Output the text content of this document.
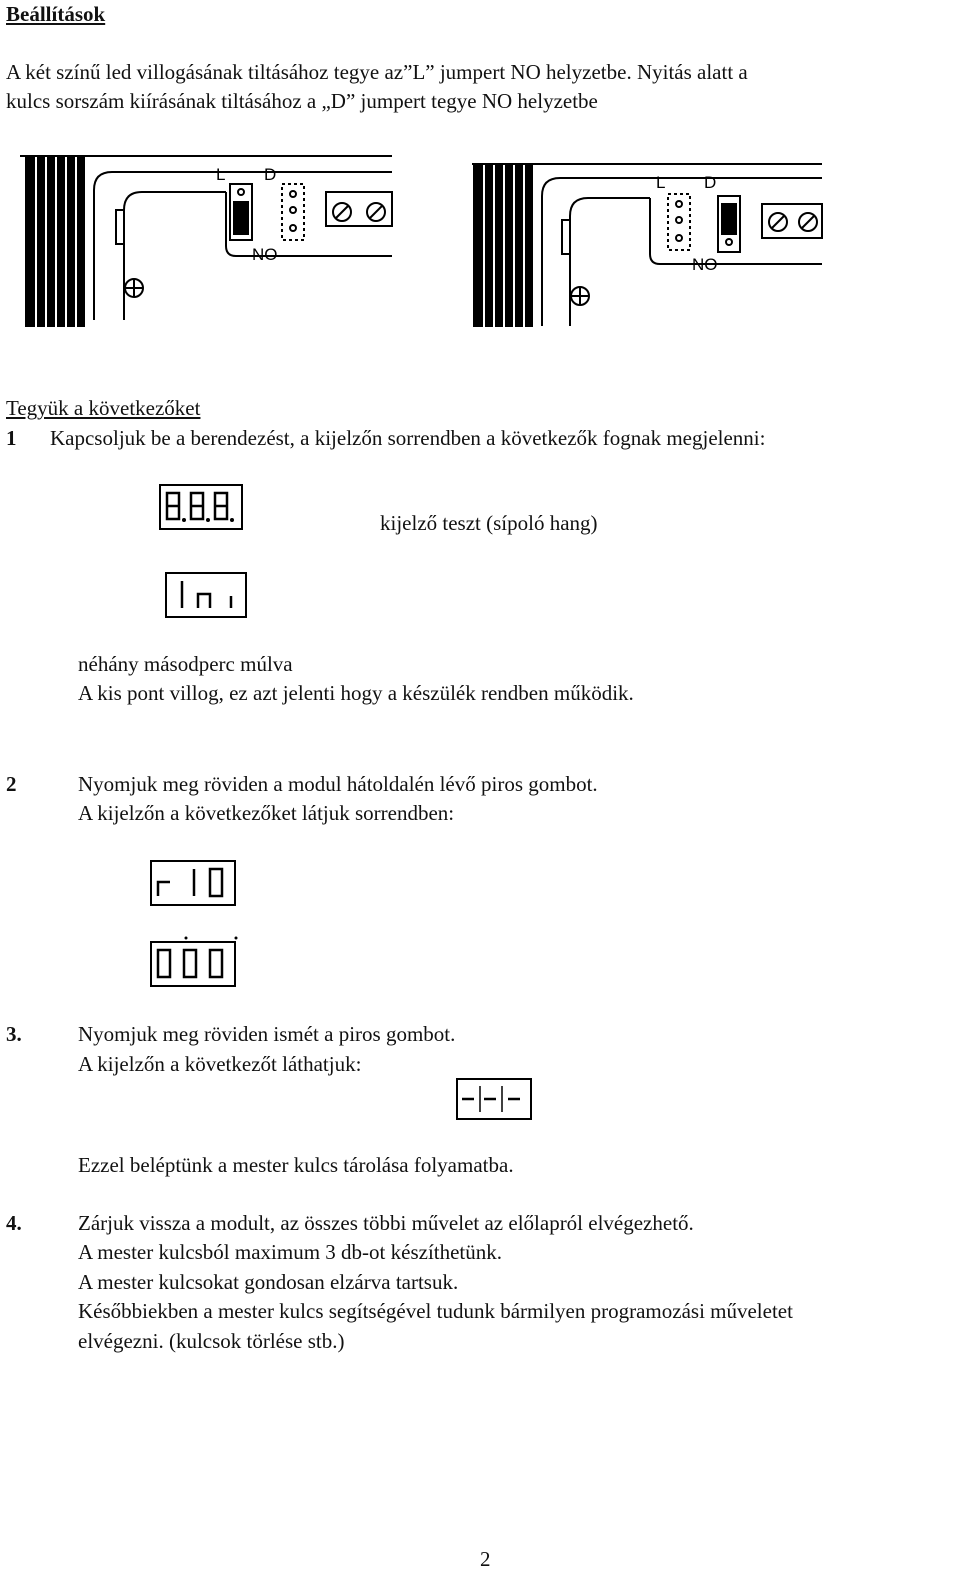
Beállítások
A két színű led villogásának tiltásához tegye az”L” jumpert NO helyzetbe. Nyitás alatt a
kulcs sorszám kiírásának tiltásához a „D” jumpert tegye NO helyzetbe
L D
NO
L D
NO
Tegyük a következőket
1 Kapcsoljuk be a berendezést, a kijelzőn sorrendben a következők fognak megjelenni:
kijelző teszt (sípoló hang)
néhány másodperc múlva
A kis pont villog, ez azt jelenti hogy a készülék rendben működik.
2	Nyomjuk meg röviden a modul hátoldalén lévő piros gombot.
A kijelzőn a következőket látjuk sorrendben:
3.	Nyomjuk meg röviden ismét a piros gombot.
A kijelzőn a következőt láthatjuk:
Ezzel beléptünk a mester kulcs tárolása folyamatba.
4.	Zárjuk vissza a modult, az összes többi művelet az előlapról elvégezhető.
A mester kulcsból maximum 3 db-ot készíthetünk.
A mester kulcsokat gondosan elzárva tartsuk.
Későbbiekben a mester kulcs segítségével tudunk bármilyen programozási műveletet
elvégezni. (kulcsok törlése stb.)
2
